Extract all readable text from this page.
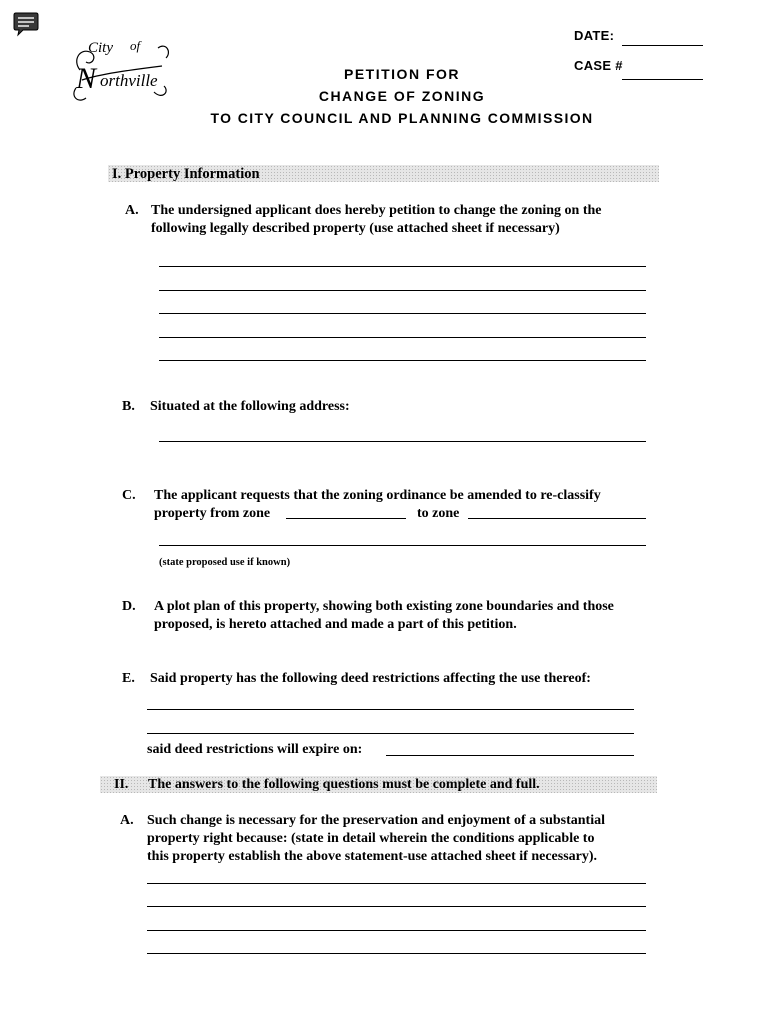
City of
N orthville
DATE:
CASE #
PETITION FOR
CHANGE OF ZONING
TO CITY COUNCIL AND PLANNING COMMISSION
I. Property Information
A. The undersigned applicant does hereby petition to change the zoning on the
following legally described property (use attached sheet if necessary)
B. Situated at the following address:
C. The applicant requests that the zoning ordinance be amended to re-classify
property from zone	to zone
(state proposed use if known)
D. A plot plan of this property, showing both existing zone boundaries and those
proposed, is hereto attached and made a part of this petition.
E. Said property has the following deed restrictions affecting the use thereof:
said deed restrictions will expire on:
II. The answers to the following questions must be complete and full.
A. Such change is necessary for the preservation and enjoyment of a substantial
property right because: (state in detail wherein the conditions applicable to
this property establish the above statement-use attached sheet if necessary).
